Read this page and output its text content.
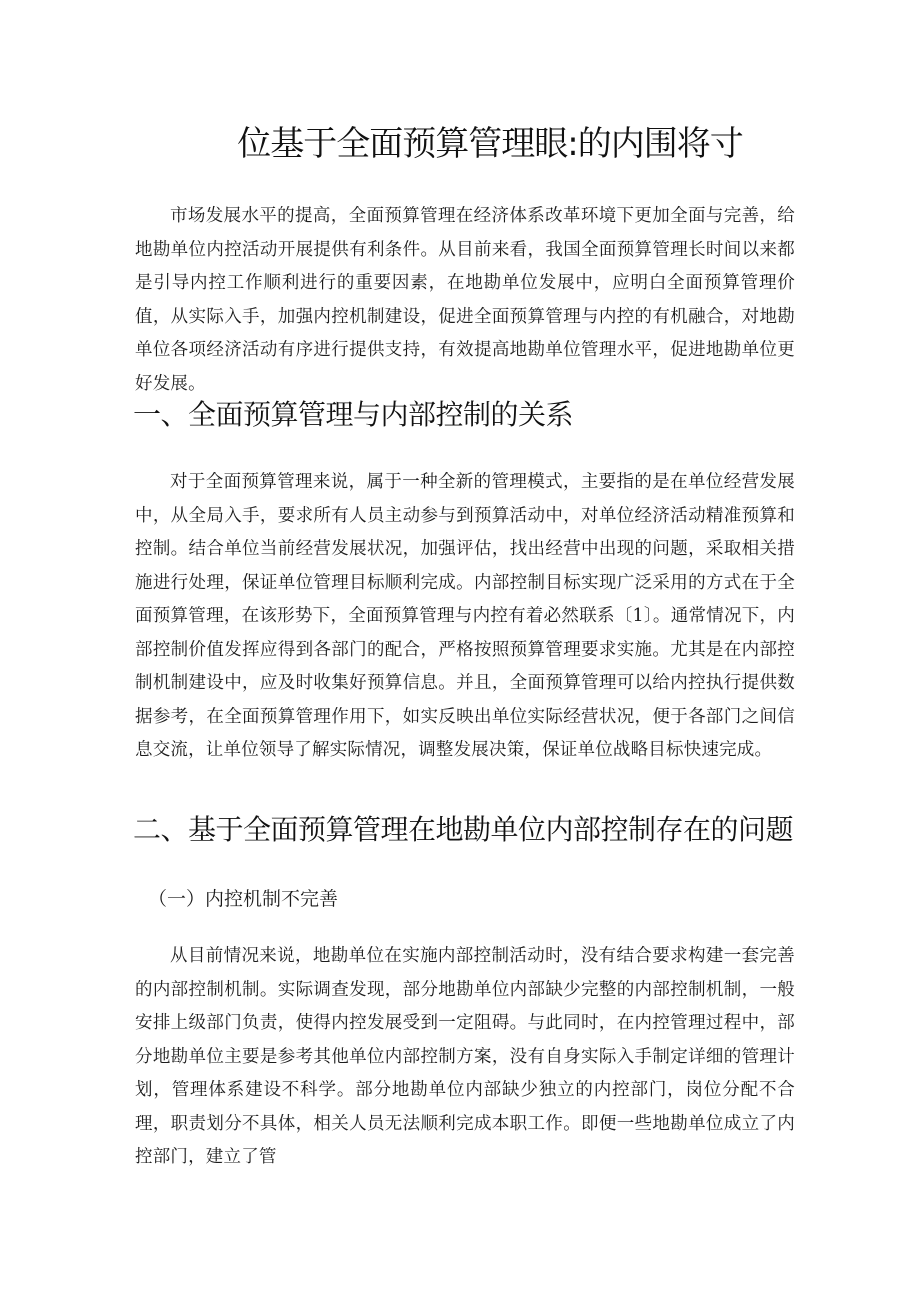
位基于全面预算管理眼:的内围将寸

市场发展水平的提高，全面预算管理在经济体系改革环境下更加全面与完善，给地勘单位内控活动开展提供有利条件。从目前来看，我国全面预算管理长时间以来都是引导内控工作顺利进行的重要因素，在地勘单位发展中，应明白全面预算管理价值，从实际入手，加强内控机制建设，促进全面预算管理与内控的有机融合，对地勘单位各项经济活动有序进行提供支持，有效提高地勘单位管理水平，促进地勘单位更好发展。

一、全面预算管理与内部控制的关系

对于全面预算管理来说，属于一种全新的管理模式，主要指的是在单位经营发展中，从全局入手，要求所有人员主动参与到预算活动中，对单位经济活动精准预算和控制。结合单位当前经营发展状况，加强评估，找出经营中出现的问题，采取相关措施进行处理，保证单位管理目标顺利完成。内部控制目标实现广泛采用的方式在于全面预算管理，在该形势下，全面预算管理与内控有着必然联系〔1〕。通常情况下，内部控制价值发挥应得到各部门的配合，严格按照预算管理要求实施。尤其是在内部控制机制建设中，应及时收集好预算信息。并且，全面预算管理可以给内控执行提供数据参考，在全面预算管理作用下，如实反映出单位实际经营状况，便于各部门之间信息交流，让单位领导了解实际情况，调整发展决策，保证单位战略目标快速完成。

二、基于全面预算管理在地勘单位内部控制存在的问题
（一）内控机制不完善

从目前情况来说，地勘单位在实施内部控制活动时，没有结合要求构建一套完善的内部控制机制。实际调查发现，部分地勘单位内部缺少完整的内部控制机制，一般安排上级部门负责，使得内控发展受到一定阻碍。与此同时，在内控管理过程中，部分地勘单位主要是参考其他单位内部控制方案，没有自身实际入手制定详细的管理计划，管理体系建设不科学。部分地勘单位内部缺少独立的内控部门，岗位分配不合理，职责划分不具体，相关人员无法顺利完成本职工作。即便一些地勘单位成立了内控部门，建立了管
